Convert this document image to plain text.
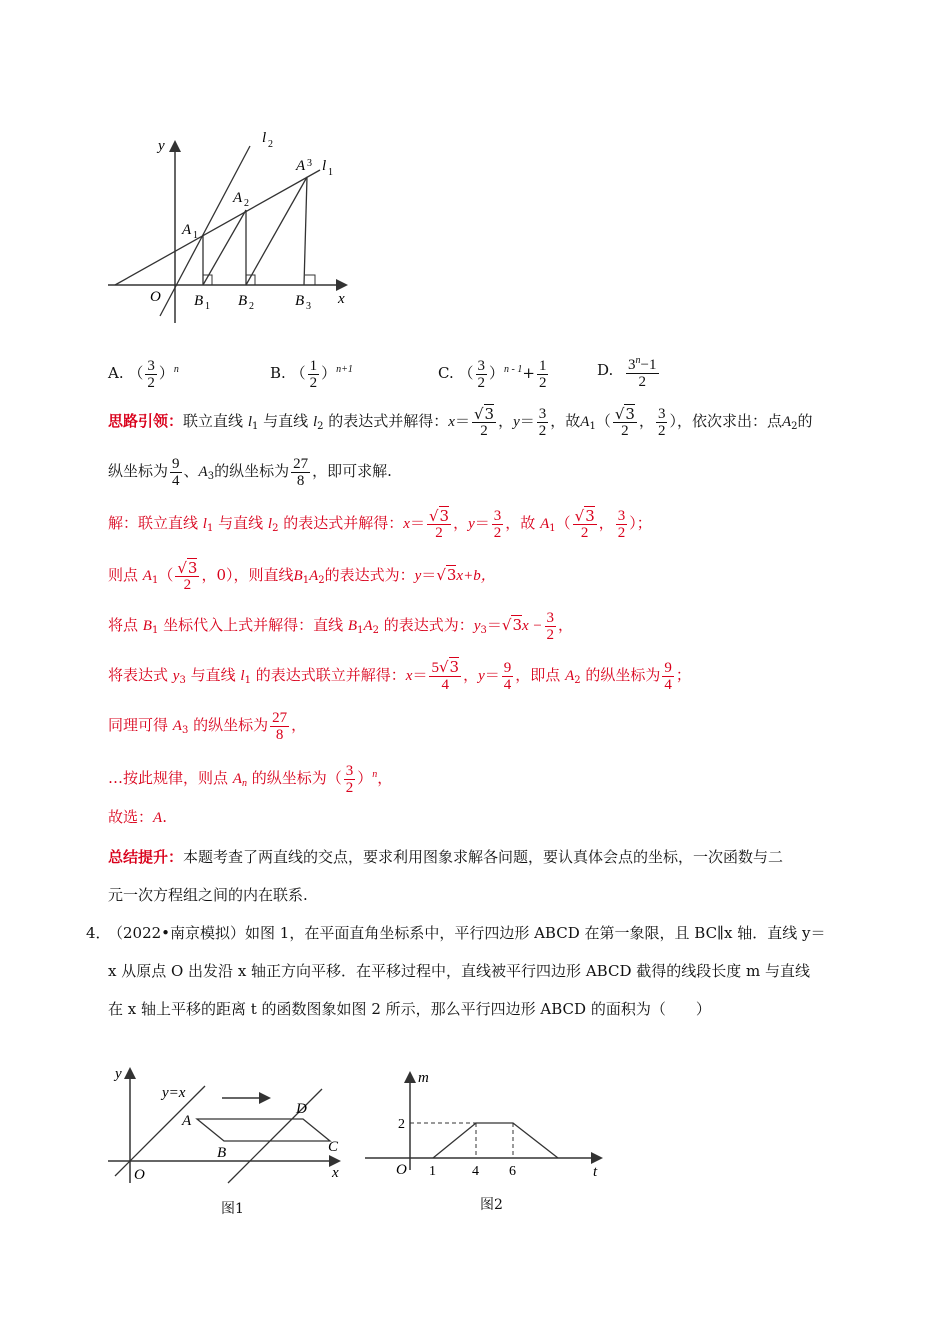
y
x
O
l 2
l 1
A 1
A 2
A 3
B 1 B 2	B 3
A. （ $\frac{3}{2} )^n$	B. （ $\frac{1}{2} )^{n+1}$	C. （ $\frac{3}{2} )^{n - 1}+ \frac{1}{2}$	D. $\frac{3^n-1}{2}$
思路引领：联立直线 $l_1$ 与直线 $l_2$ 的表达式并解得：$x= \frac{√3}{2}$ ，$y= \frac{3}{2}$ ，故$A_1( \frac{√3}{2}$ ， $\frac{3}{2}$ ），依次求出：点$A_2$的
纵坐标为 $\frac{9}{4}$ 、$A_3$的纵坐标为 $\frac{27}{8}$ ，即可求解.
解：联立直线 $l_1$ 与直线 $l_2$ 的表达式并解得：$x= \frac{√3}{2}$ ，$y= \frac{3}{2}$ ，故 $A_1( \frac{√3}{2}$ ， $\frac{3}{2}$ ）；
则点 $A_1( \frac{√3}{2}$ ，0），则直线$B_1A_2$的表达式为：y＝√3x+b，
将点 $B_1$ 坐标代入上式并解得：直线 $B_1A_2$ 的表达式为：$y_3=√3x - \frac{3}{2}$ ，
将表达式 $y_3$ 与直线 $l_1$ 的表达式联立并解得：$x= \frac{5√3}{4}$ ，$y= \frac{9}{4}$ ，即点 $A_2$ 的纵坐标为 $\frac{9}{4}$ ；
同理可得 $A_3$ 的纵坐标为 $\frac{27}{8}$ ，
…按此规律，则点 $A_n$ 的纵坐标为（ $\frac{3}{2} )^n$，
故选：A.
总结提升：本题考查了两直线的交点，要求利用图象求解各问题，要认真体会点的坐标，一次函数与二
元一次方程组之间的内在联系.
4．
（2022•南京模拟）如图 1，在平面直角坐标系中，平行四边形 ABCD 在第一象限，且 BC∥x 轴．直线 y＝
x 从原点 O 出发沿 x 轴正方向平移．在平移过程中，直线被平行四边形 ABCD 截得的线段长度 m 与直线
在 x 轴上平移的距离 t 的函数图象如图 2 所示，那么平行四边形 ABCD 的面积为（　　）
y
x
O
y=x
A
B	C
D
图1
m
t
O
2
1	4 6
图2
